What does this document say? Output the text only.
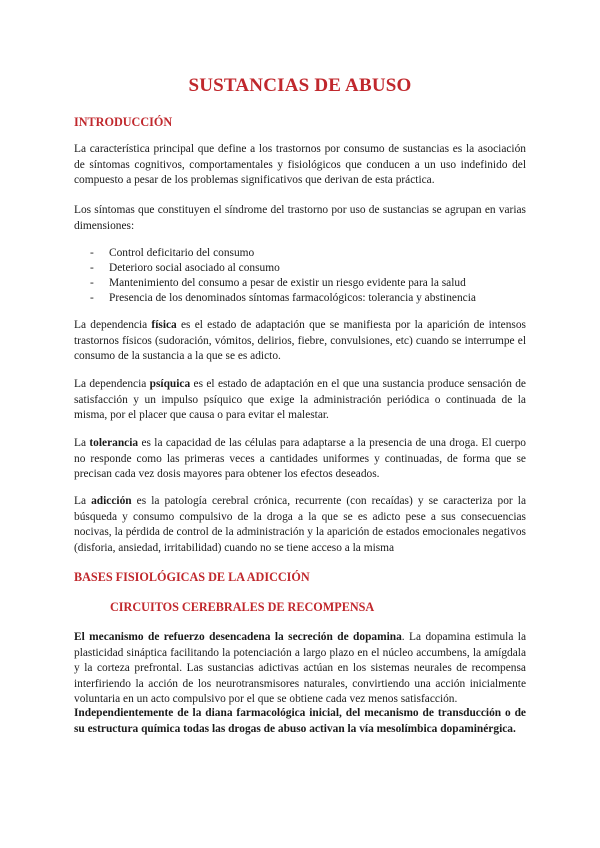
SUSTANCIAS DE ABUSO
INTRODUCCIÓN

La característica principal que define a los trastornos por consumo de sustancias es la asociación de síntomas cognitivos, comportamentales y fisiológicos que conducen a un uso indefinido del compuesto a pesar de los problemas significativos que derivan de esta práctica.

Los síntomas que constituyen el síndrome del trastorno por uso de sustancias se agrupan en varias dimensiones:

- Control deficitario del consumo
- Deterioro social asociado al consumo
- Mantenimiento del consumo a pesar de existir un riesgo evidente para la salud
- Presencia de los denominados síntomas farmacológicos: tolerancia y abstinencia

La dependencia física es el estado de adaptación que se manifiesta por la aparición de intensos trastornos físicos (sudoración, vómitos, delirios, fiebre, convulsiones, etc) cuando se interrumpe el consumo de la sustancia a la que se es adicto.

La dependencia psíquica es el estado de adaptación en el que una sustancia produce sensación de satisfacción y un impulso psíquico que exige la administración periódica o continuada de la misma, por el placer que causa o para evitar el malestar.

La tolerancia es la capacidad de las células para adaptarse a la presencia de una droga. El cuerpo no responde como las primeras veces a cantidades uniformes y continuadas, de forma que se precisan cada vez dosis mayores para obtener los efectos deseados.

La adicción es la patología cerebral crónica, recurrente (con recaídas) y se caracteriza por la búsqueda y consumo compulsivo de la droga a la que se es adicto pese a sus consecuencias nocivas, la pérdida de control de la administración y la aparición de estados emocionales negativos (disforia, ansiedad, irritabilidad) cuando no se tiene acceso a la misma

BASES FISIOLÓGICAS DE LA ADICCIÓN
CIRCUITOS CEREBRALES DE RECOMPENSA

El mecanismo de refuerzo desencadena la secreción de dopamina. La dopamina estimula la plasticidad sináptica facilitando la potenciación a largo plazo en el núcleo accumbens, la amígdala y la corteza prefrontal. Las sustancias adictivas actúan en los sistemas neurales de recompensa interfiriendo la acción de los neurotransmisores naturales, convirtiendo una acción inicialmente voluntaria en un acto compulsivo por el que se obtiene cada vez menos satisfacción.

Independientemente de la diana farmacológica inicial, del mecanismo de transducción o de su estructura química todas las drogas de abuso activan la vía mesolímbica dopaminérgica.
